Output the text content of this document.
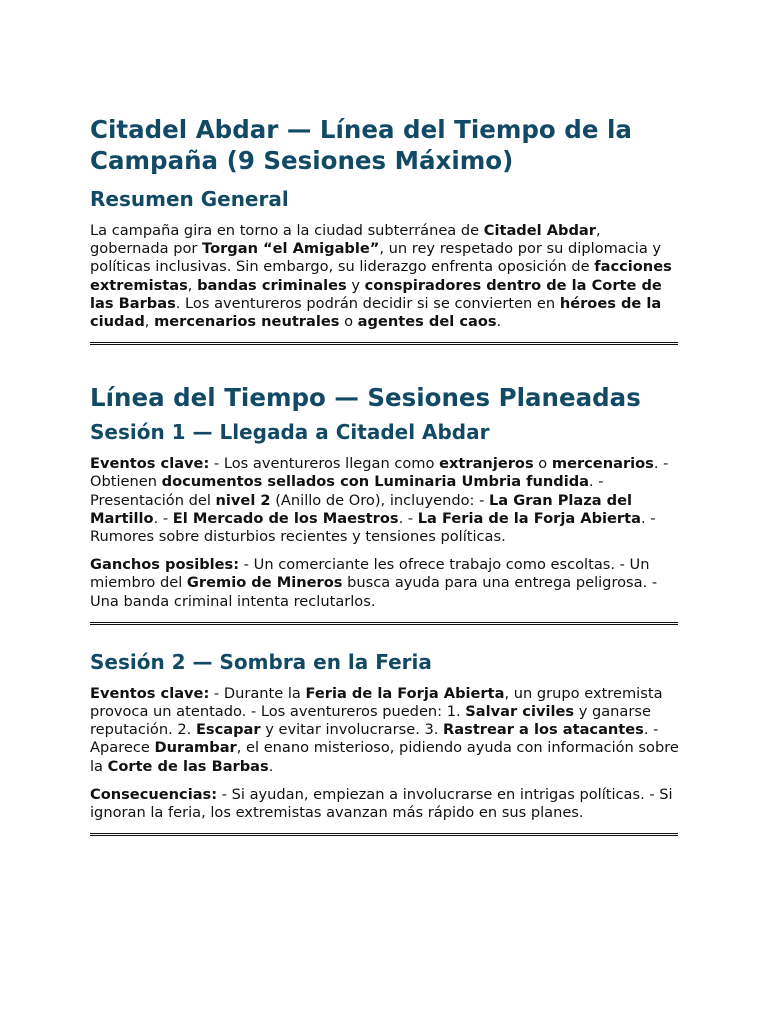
Citadel Abdar — Línea del Tiempo de la Campaña (9 Sesiones Máximo)
Resumen General

La campaña gira en torno a la ciudad subterránea de Citadel Abdar, gobernada por Torgan “el Amigable”, un rey respetado por su diplomacia y políticas inclusivas. Sin embargo, su liderazgo enfrenta oposición de facciones extremistas, bandas criminales y conspiradores dentro de la Corte de las Barbas. Los aventureros podrán decidir si se convierten en héroes de la ciudad, mercenarios neutrales o agentes del caos.

Línea del Tiempo — Sesiones Planeadas
Sesión 1 — Llegada a Citadel Abdar

Eventos clave: - Los aventureros llegan como extranjeros o mercenarios. - Obtienen documentos sellados con Luminaria Umbria fundida. - Presentación del nivel 2 (Anillo de Oro), incluyendo: - La Gran Plaza del Martillo. - El Mercado de los Maestros. - La Feria de la Forja Abierta. - Rumores sobre disturbios recientes y tensiones políticas.

Ganchos posibles: - Un comerciante les ofrece trabajo como escoltas. - Un miembro del Gremio de Mineros busca ayuda para una entrega peligrosa. - Una banda criminal intenta reclutarlos.

Sesión 2 — Sombra en la Feria

Eventos clave: - Durante la Feria de la Forja Abierta, un grupo extremista provoca un atentado. - Los aventureros pueden: 1. Salvar civiles y ganarse reputación. 2. Escapar y evitar involucrarse. 3. Rastrear a los atacantes. - Aparece Durambar, el enano misterioso, pidiendo ayuda con información sobre la Corte de las Barbas.

Consecuencias: - Si ayudan, empiezan a involucrarse en intrigas políticas. - Si ignoran la feria, los extremistas avanzan más rápido en sus planes.
